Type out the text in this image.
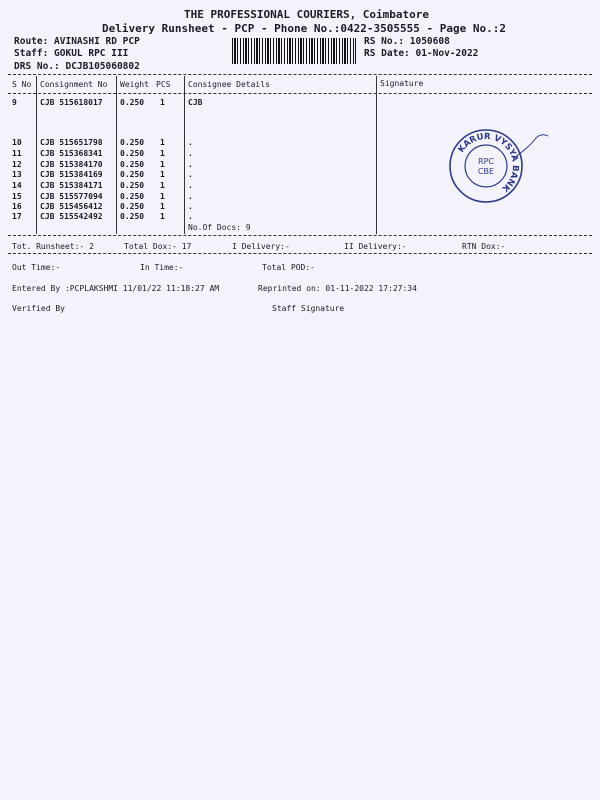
THE PROFESSIONAL COURIERS, Coimbatore
Delivery Runsheet - PCP - Phone No.:0422-3505555 - Page No.:2
Route: AVINASHI RD PCP
Staff: GOKUL RPC III
DRS No.: DCJB105060802
RS No.: 1050608
RS Date: 01-Nov-2022
S No Consignment No Weight PCS Consignee Details	Signature
9	CJB 515618017 0.250 1	CJB
10 CJB 515651798 0.250 1	.
11 CJB 515368341 0.250 1	.
12 CJB 515384170 0.250 1	.
13 CJB 515384169 0.250 1	.
14 CJB 515384171 0.250 1	.
15 CJB 515577094 0.250 1	.
16 CJB 515456412 0.250 1	.
17 CJB 515542492 0.250 1	.
No.Of Docs: 9
KARUR VYSYA BANK
RPC
CBE
Tot. Runsheet:- 2	Total Dox:- 17	I Delivery:-	II Delivery:-	RTN Dox:-
Out Time:-	In Time:-	Total POD:-
Entered By :PCPLAKSHMI 11/01/22 11:18:27 AM	Reprinted on: 01-11-2022 17:27:34
Verified By	Staff Signature
